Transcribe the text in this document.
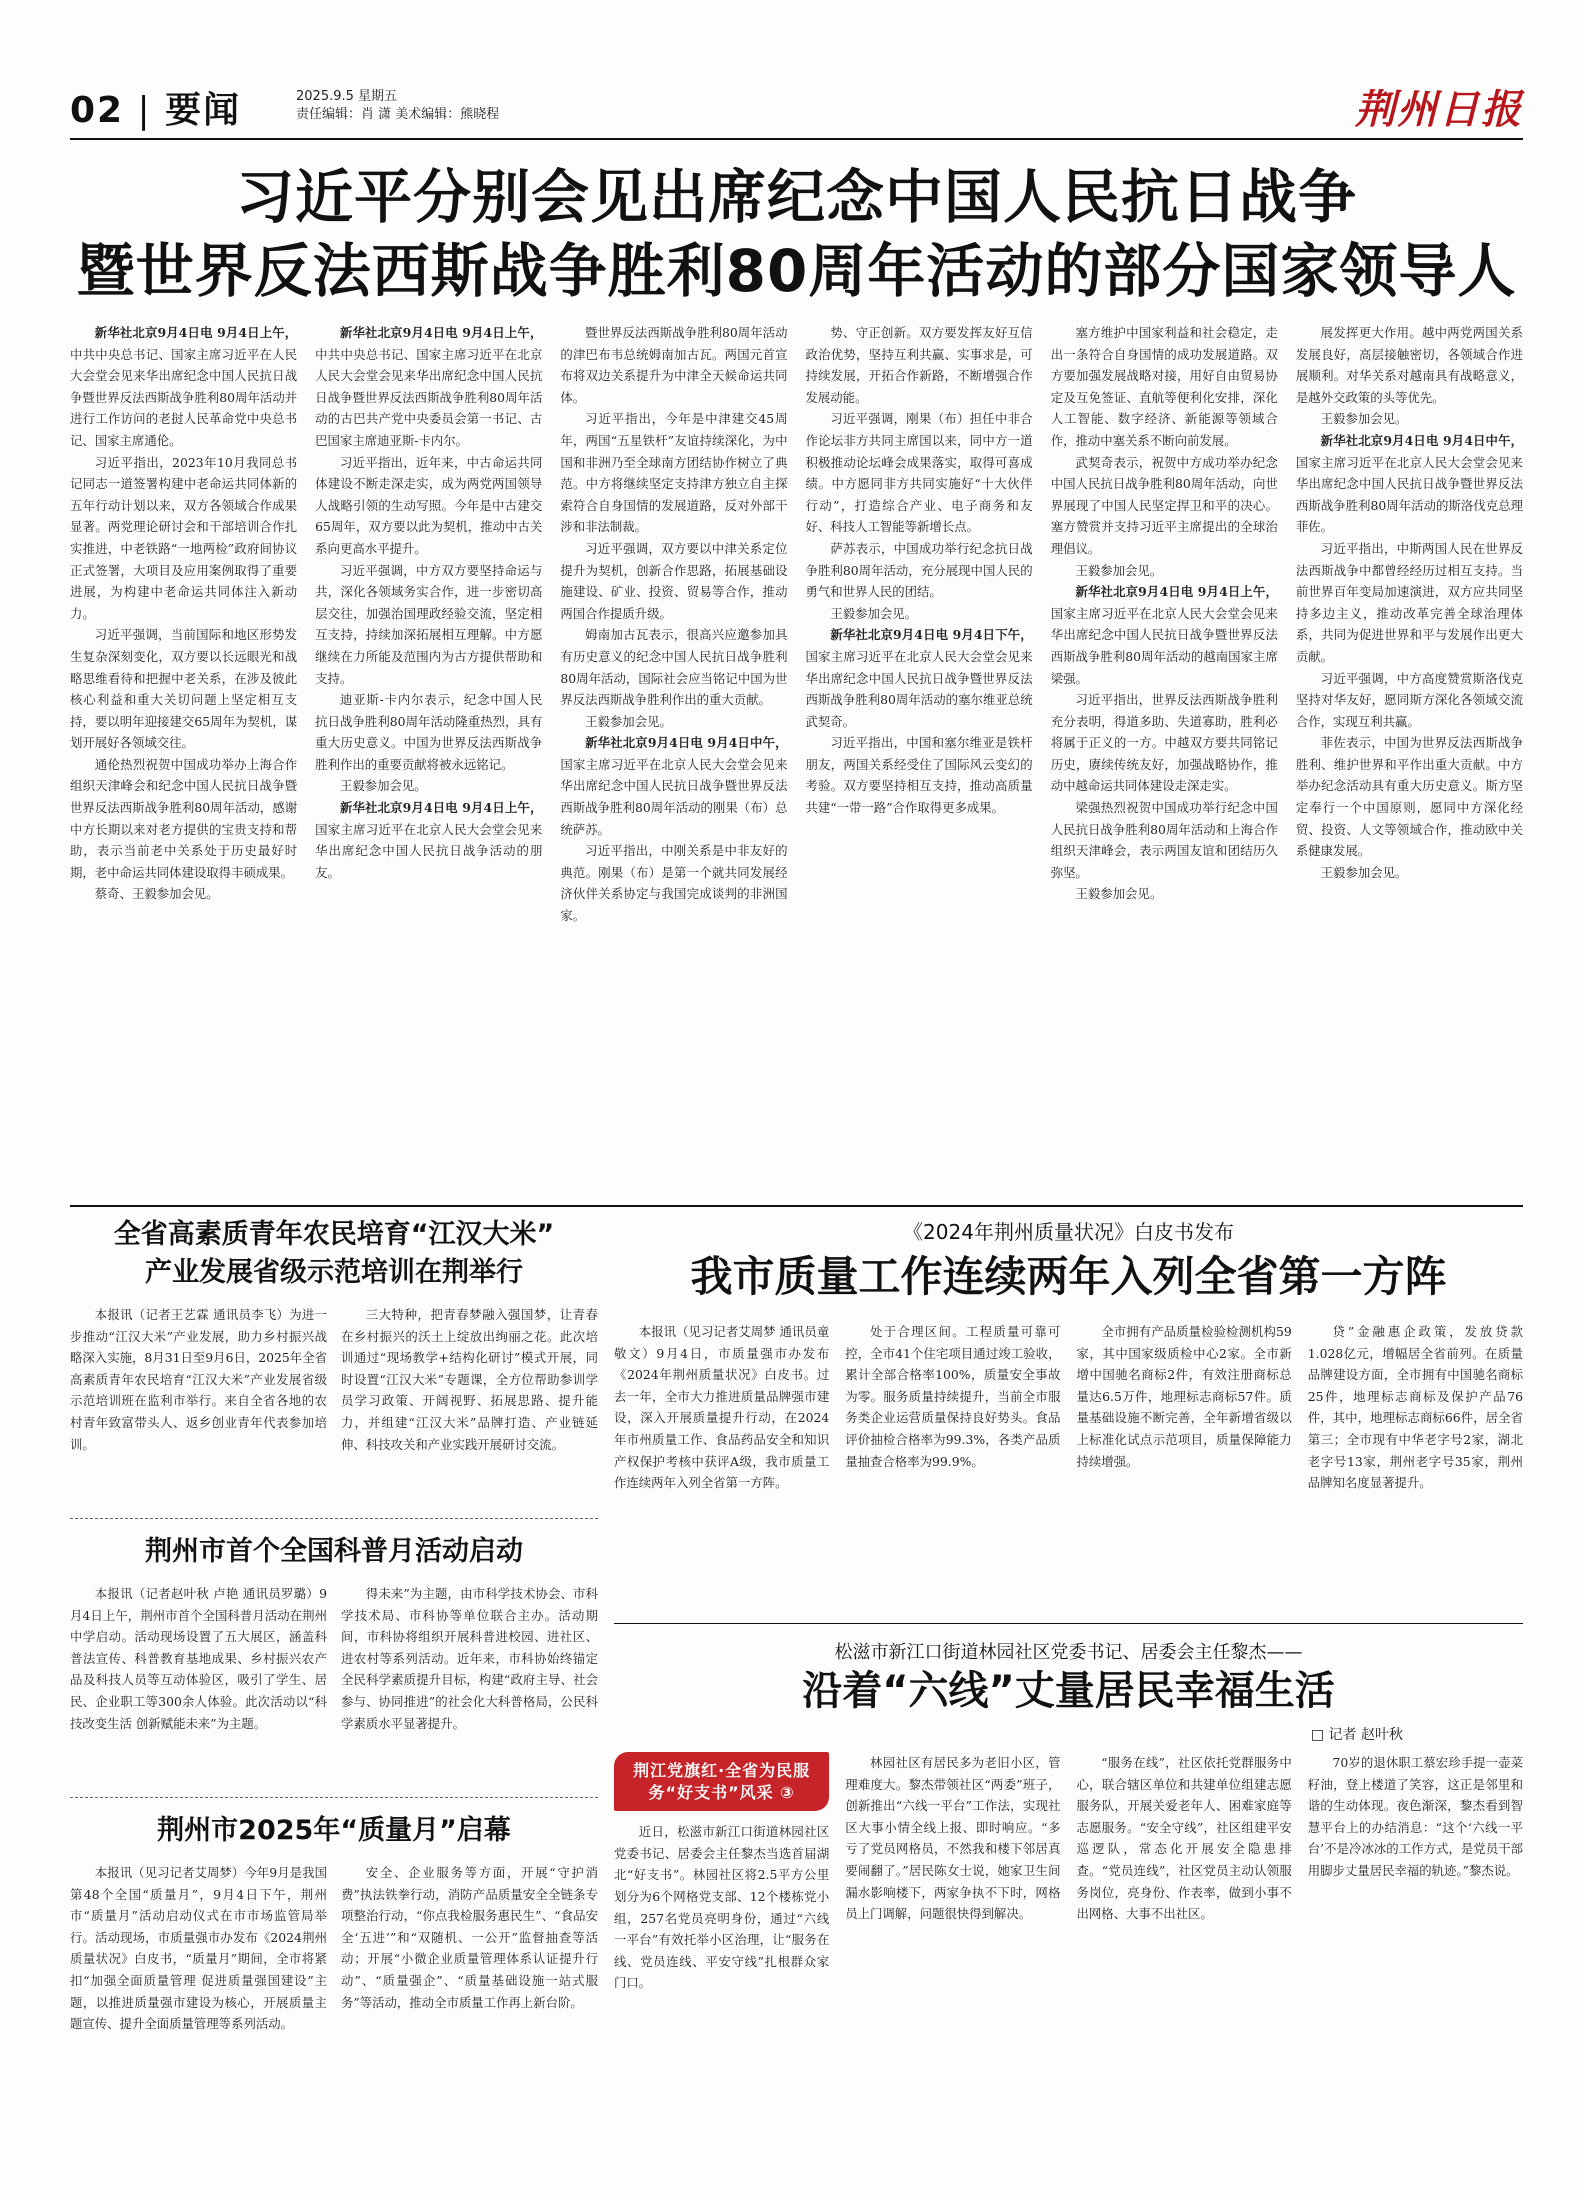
02 | 要闻	2025.9.5 星期五
责任编辑：肖 潇 美术编辑：熊晓程	荆州日报
习近平分别会见出席纪念中国人民抗日战争
暨世界反法西斯战争胜利80周年活动的部分国家领导人

新华社北京9月4日电 9月4日上午，中共中央总书记、国家主席习近平在人民大会堂会见来华出席纪念中国人民抗日战争暨世界反法西斯战争胜利80周年活动并进行工作访问的老挝人民革命党中央总书记、国家主席通伦。

习近平指出，2023年10月我同总书记同志一道签署构建中老命运共同体新的五年行动计划以来，双方各领域合作成果显著。两党理论研讨会和干部培训合作扎实推进，中老铁路“一地两检”政府间协议正式签署，大项目及应用案例取得了重要进展，为构建中老命运共同体注入新动力。

习近平强调，当前国际和地区形势发生复杂深刻变化，双方要以长远眼光和战略思维看待和把握中老关系，在涉及彼此核心利益和重大关切问题上坚定相互支持，要以明年迎接建交65周年为契机，谋划开展好各领域交往。

通伦热烈祝贺中国成功举办上海合作组织天津峰会和纪念中国人民抗日战争暨世界反法西斯战争胜利80周年活动，感谢中方长期以来对老方提供的宝贵支持和帮助，表示当前老中关系处于历史最好时期，老中命运共同体建设取得丰硕成果。

蔡奇、王毅参加会见。

新华社北京9月4日电 9月4日上午，中共中央总书记、国家主席习近平在北京人民大会堂会见来华出席纪念中国人民抗日战争暨世界反法西斯战争胜利80周年活动的古巴共产党中央委员会第一书记、古巴国家主席迪亚斯-卡内尔。

习近平指出，近年来，中古命运共同体建设不断走深走实，成为两党两国领导人战略引领的生动写照。今年是中古建交65周年，双方要以此为契机，推动中古关系向更高水平提升。

习近平强调，中方双方要坚持命运与共，深化各领域务实合作，进一步密切高层交往，加强治国理政经验交流，坚定相互支持，持续加深拓展相互理解。中方愿继续在力所能及范围内为古方提供帮助和支持。

迪亚斯-卡内尔表示，纪念中国人民抗日战争胜利80周年活动隆重热烈，具有重大历史意义。中国为世界反法西斯战争胜利作出的重要贡献将被永远铭记。

王毅参加会见。

新华社北京9月4日电 9月4日上午，国家主席习近平在北京人民大会堂会见来华出席纪念中国人民抗日战争活动的朋友。

暨世界反法西斯战争胜利80周年活动的津巴布韦总统姆南加古瓦。两国元首宣布将双边关系提升为中津全天候命运共同体。

习近平指出，今年是中津建交45周年，两国“五星铁杆”友谊持续深化，为中国和非洲乃至全球南方团结协作树立了典范。中方将继续坚定支持津方独立自主探索符合自身国情的发展道路，反对外部干涉和非法制裁。

习近平强调，双方要以中津关系定位提升为契机，创新合作思路，拓展基础设施建设、矿业、投资、贸易等合作，推动两国合作提质升级。

姆南加古瓦表示，很高兴应邀参加具有历史意义的纪念中国人民抗日战争胜利80周年活动，国际社会应当铭记中国为世界反法西斯战争胜利作出的重大贡献。

王毅参加会见。

新华社北京9月4日电 9月4日中午，国家主席习近平在北京人民大会堂会见来华出席纪念中国人民抗日战争暨世界反法西斯战争胜利80周年活动的刚果（布）总统萨苏。

习近平指出，中刚关系是中非友好的典范。刚果（布）是第一个就共同发展经济伙伴关系协定与我国完成谈判的非洲国家。

势、守正创新。双方要发挥友好互信政治优势，坚持互利共赢、实事求是，可持续发展，开拓合作新路，不断增强合作发展动能。

习近平强调，刚果（布）担任中非合作论坛非方共同主席国以来，同中方一道积极推动论坛峰会成果落实，取得可喜成绩。中方愿同非方共同实施好“十大伙伴行动”，打造综合产业、电子商务和友好、科技人工智能等新增长点。

萨苏表示，中国成功举行纪念抗日战争胜利80周年活动，充分展现中国人民的勇气和世界人民的团结。

王毅参加会见。

新华社北京9月4日电 9月4日下午，国家主席习近平在北京人民大会堂会见来华出席纪念中国人民抗日战争暨世界反法西斯战争胜利80周年活动的塞尔维亚总统武契奇。

习近平指出，中国和塞尔维亚是铁杆朋友，两国关系经受住了国际风云变幻的考验。双方要坚持相互支持，推动高质量共建“一带一路”合作取得更多成果。

塞方维护中国家利益和社会稳定，走出一条符合自身国情的成功发展道路。双方要加强发展战略对接，用好自由贸易协定及互免签证、直航等便利化安排，深化人工智能、数字经济、新能源等领域合作，推动中塞关系不断向前发展。

武契奇表示，祝贺中方成功举办纪念中国人民抗日战争胜利80周年活动，向世界展现了中国人民坚定捍卫和平的决心。塞方赞赏并支持习近平主席提出的全球治理倡议。

王毅参加会见。

新华社北京9月4日电 9月4日上午，国家主席习近平在北京人民大会堂会见来华出席纪念中国人民抗日战争暨世界反法西斯战争胜利80周年活动的越南国家主席梁强。

习近平指出，世界反法西斯战争胜利充分表明，得道多助、失道寡助，胜利必将属于正义的一方。中越双方要共同铭记历史，赓续传统友好，加强战略协作，推动中越命运共同体建设走深走实。

梁强热烈祝贺中国成功举行纪念中国人民抗日战争胜利80周年活动和上海合作组织天津峰会，表示两国友谊和团结历久弥坚。

王毅参加会见。

展发挥更大作用。越中两党两国关系发展良好，高层接触密切，各领域合作进展顺利。对华关系对越南具有战略意义，是越外交政策的头等优先。

王毅参加会见。

新华社北京9月4日电 9月4日中午，国家主席习近平在北京人民大会堂会见来华出席纪念中国人民抗日战争暨世界反法西斯战争胜利80周年活动的斯洛伐克总理菲佐。

习近平指出，中斯两国人民在世界反法西斯战争中都曾经经历过相互支持。当前世界百年变局加速演进，双方应共同坚持多边主义，推动改革完善全球治理体系，共同为促进世界和平与发展作出更大贡献。

习近平强调，中方高度赞赏斯洛伐克坚持对华友好，愿同斯方深化各领域交流合作，实现互利共赢。

菲佐表示，中国为世界反法西斯战争胜利、维护世界和平作出重大贡献。中方举办纪念活动具有重大历史意义。斯方坚定奉行一个中国原则，愿同中方深化经贸、投资、人文等领域合作，推动欧中关系健康发展。

王毅参加会见。

全省高素质青年农民培育“江汉大米”
产业发展省级示范培训在荆举行

本报讯（记者王艺霖 通讯员李飞）为进一步推动“江汉大米”产业发展，助力乡村振兴战略深入实施，8月31日至9月6日，2025年全省高素质青年农民培育“江汉大米”产业发展省级示范培训班在监利市举行。来自全省各地的农村青年致富带头人、返乡创业青年代表参加培训。

三大特种，把青春梦融入强国梦，让青春在乡村振兴的沃土上绽放出绚丽之花。此次培训通过“现场教学+结构化研讨”模式开展，同时设置“江汉大米”专题课，全方位帮助参训学员学习政策、开阔视野、拓展思路、提升能力，并组建“江汉大米”品牌打造、产业链延伸、科技攻关和产业实践开展研讨交流。

荆州市首个全国科普月活动启动

本报讯（记者赵叶秋 卢艳 通讯员罗璐）9月4日上午，荆州市首个全国科普月活动在荆州中学启动。活动现场设置了五大展区，涵盖科普法宣传、科普教育基地成果、乡村振兴农产品及科技人员等互动体验区，吸引了学生、居民、企业职工等300余人体验。此次活动以“科技改变生活 创新赋能未来”为主题。

得未来”为主题，由市科学技术协会、市科学技术局、市科协等单位联合主办。活动期间，市科协将组织开展科普进校园、进社区、进农村等系列活动。近年来，市科协始终锚定全民科学素质提升目标，构建“政府主导、社会参与、协同推进”的社会化大科普格局，公民科学素质水平显著提升。

荆州市2025年“质量月”启幕

本报讯（见习记者艾周梦）今年9月是我国第48个全国“质量月”，9月4日下午，荆州市“质量月”活动启动仪式在市市场监管局举行。活动现场，市质量强市办发布《2024荆州质量状况》白皮书，“质量月”期间，全市将紧扣“加强全面质量管理 促进质量强国建设”主题，以推进质量强市建设为核心，开展质量主题宣传、提升全面质量管理等系列活动。

安全、企业服务等方面，开展“守护消费”执法铁拳行动，消防产品质量安全全链条专项整治行动，“你点我检服务惠民生”、“食品安全‘五进’”和“双随机、一公开”监督抽查等活动；开展“小微企业质量管理体系认证提升行动”、“质量强企”、“质量基础设施一站式服务”等活动，推动全市质量工作再上新台阶。

《2024年荆州质量状况》白皮书发布
我市质量工作连续两年入列全省第一方阵

本报讯（见习记者艾周梦 通讯员童敬文）9月4日，市质量强市办发布《2024年荆州质量状况》白皮书。过去一年，全市大力推进质量品牌强市建设，深入开展质量提升行动，在2024年市州质量工作、食品药品安全和知识产权保护考核中获评A级，我市质量工作连续两年入列全省第一方阵。

处于合理区间。工程质量可靠可控，全市41个住宅项目通过竣工验收，累计全部合格率100%，质量安全事故为零。服务质量持续提升，当前全市服务类企业运营质量保持良好势头。食品评价抽检合格率为99.3%，各类产品质量抽查合格率为99.9%。

全市拥有产品质量检验检测机构59家，其中国家级质检中心2家。全市新增中国驰名商标2件，有效注册商标总量达6.5万件，地理标志商标57件。质量基础设施不断完善，全年新增省级以上标准化试点示范项目，质量保障能力持续增强。

贷”金融惠企政策，发放贷款1.028亿元，增幅居全省前列。在质量品牌建设方面，全市拥有中国驰名商标25件，地理标志商标及保护产品76件，其中，地理标志商标66件，居全省第三；全市现有中华老字号2家，湖北老字号13家，荆州老字号35家，荆州品牌知名度显著提升。

松滋市新江口街道林园社区党委书记、居委会主任黎杰——
沿着“六线”丈量居民幸福生活
□ 记者 赵叶秋
荆江党旗红·全省为民服务“好支书”风采 ③

近日，松滋市新江口街道林园社区党委书记、居委会主任黎杰当选首届湖北“好支书”。林园社区将2.5平方公里划分为6个网格党支部、12个楼栋党小组，257名党员亮明身份，通过“六线一平台”有效托举小区治理，让“服务在线、党员连线、平安守线”扎根群众家门口。

林园社区有居民多为老旧小区，管理难度大。黎杰带领社区“两委”班子，创新推出“六线一平台”工作法，实现社区大事小情全线上报、即时响应。“多亏了党员网格员，不然我和楼下邻居真要闹翻了。”居民陈女士说，她家卫生间漏水影响楼下，两家争执不下时，网格员上门调解，问题很快得到解决。

“服务在线”，社区依托党群服务中心，联合辖区单位和共建单位组建志愿服务队，开展关爱老年人、困难家庭等志愿服务。“安全守线”，社区组建平安巡逻队，常态化开展安全隐患排查。“党员连线”，社区党员主动认领服务岗位，亮身份、作表率，做到小事不出网格、大事不出社区。

70岁的退休职工蔡宏珍手提一壶菜籽油，登上楼道了笑容，这正是邻里和谐的生动体现。夜色渐深，黎杰看到智慧平台上的办结消息：“这个‘六线一平台’不是冷冰冰的工作方式，是党员干部用脚步丈量居民幸福的轨迹。”黎杰说。
